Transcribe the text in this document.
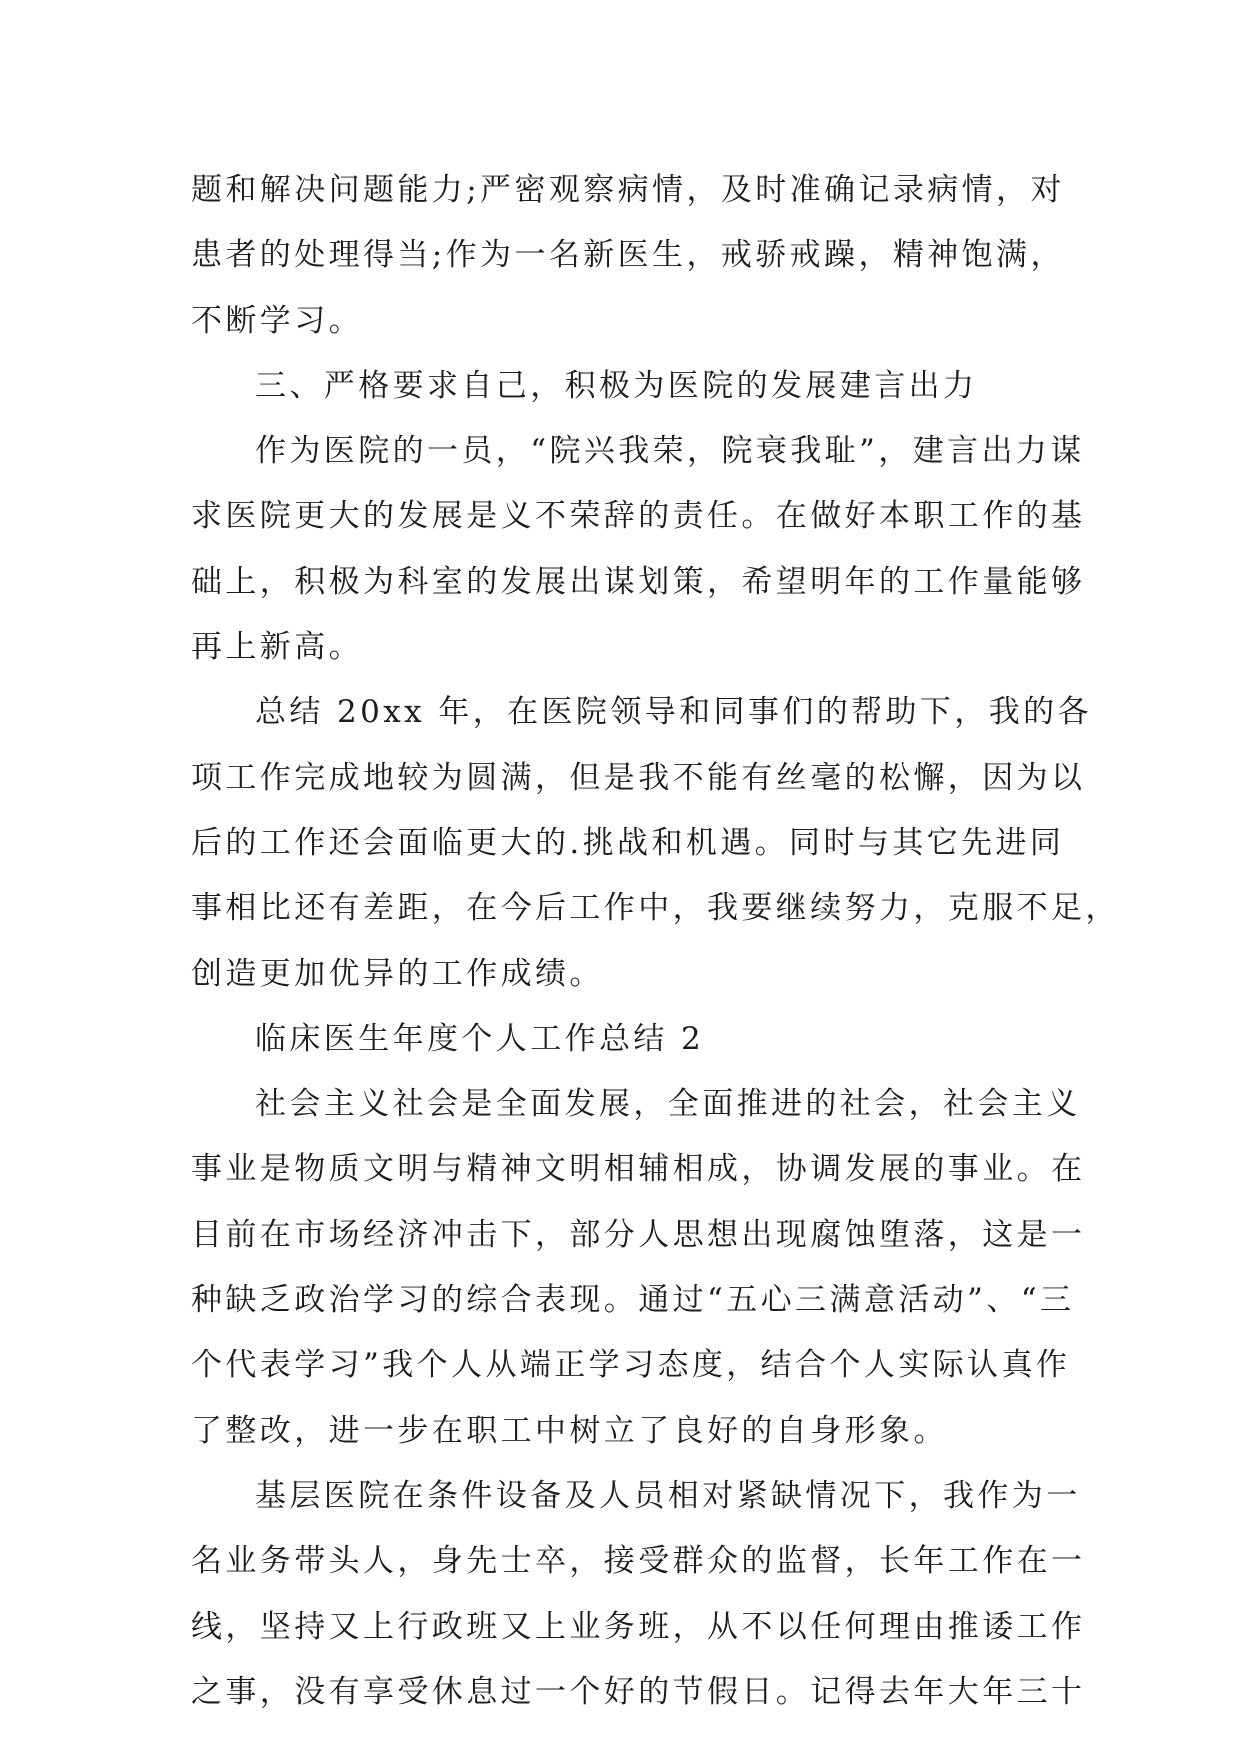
题和解决问题能力;严密观察病情，及时准确记录病情，对
患者的处理得当;作为一名新医生，戒骄戒躁，精神饱满，
不断学习。
三、严格要求自己，积极为医院的发展建言出力
作为医院的一员，“院兴我荣，院衰我耻”，建言出力谋
求医院更大的发展是义不荣辞的责任。在做好本职工作的基
础上，积极为科室的发展出谋划策，希望明年的工作量能够
再上新高。
总结 20xx 年，在医院领导和同事们的帮助下，我的各
项工作完成地较为圆满，但是我不能有丝毫的松懈，因为以
后的工作还会面临更大的.挑战和机遇。同时与其它先进同
事相比还有差距，在今后工作中，我要继续努力，克服不足，
创造更加优异的工作成绩。
临床医生年度个人工作总结 2
社会主义社会是全面发展，全面推进的社会，社会主义
事业是物质文明与精神文明相辅相成，协调发展的事业。在
目前在市场经济冲击下，部分人思想出现腐蚀堕落，这是一
种缺乏政治学习的综合表现。通过“五心三满意活动”、“三
个代表学习”我个人从端正学习态度，结合个人实际认真作
了整改，进一步在职工中树立了良好的自身形象。
基层医院在条件设备及人员相对紧缺情况下，我作为一
名业务带头人，身先士卒，接受群众的监督，长年工作在一
线，坚持又上行政班又上业务班，从不以任何理由推诿工作
之事，没有享受休息过一个好的节假日。记得去年大年三十
